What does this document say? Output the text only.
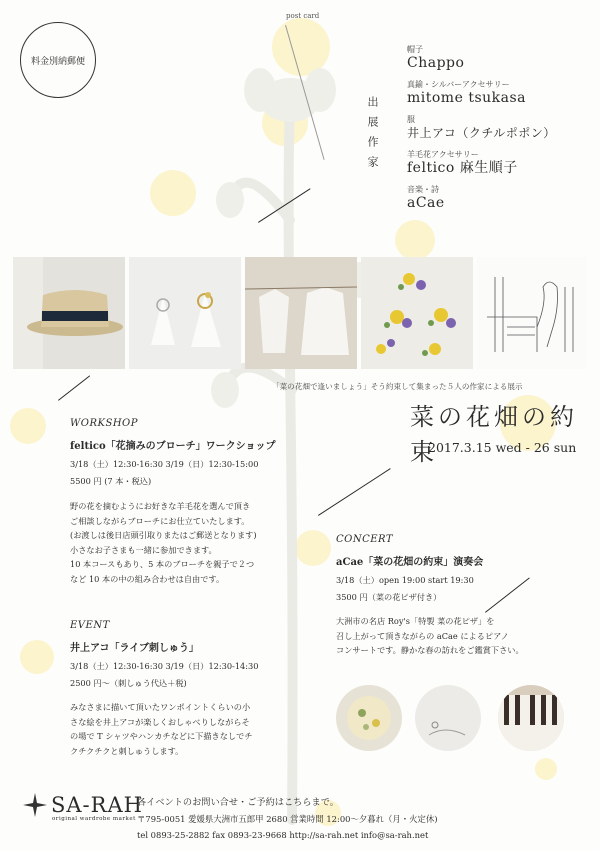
post card
料金別納郵便
出展作家
帽子
Chappo
真鍮・シルバーアクセサリー
mitome tsukasa
服
井上アコ（クチルポポン）
羊毛花アクセサリー
feltico 麻生順子
音楽・詩
aCae
「菜の花畑で逢いましょう」そう約束して集まった５人の作家による展示
菜の花畑の約束
2017.3.15 wed - 26 sun
WORKSHOP
feltico「花摘みのブローチ」ワークショップ
3/18（土）12:30-16:30 3/19（日）12:30-15:00
5500 円 (7 本・税込)
野の花を摘むようにお好きな羊毛花を選んで頂き
ご相談しながらブローチにお仕立ていたします。
(お渡しは後日店頭引取りまたはご郵送となります)
小さなお子さまも一緒に参加できます。
10 本コースもあり、5 本のブローチを親子で２つ
など 10 本の中の組み合わせは自由です。
EVENT
井上アコ「ライブ刺しゅう」
3/18（土）12:30-16:30 3/19（日）12:30-14:30
2500 円～（刺しゅう代込＋税)
みなさまに描いて頂いたワンポイントくらいの小
さな絵を井上アコが楽しくおしゃべりしながらそ
の場で T シャツやハンカチなどに下描きなしでチ
クチクチクと刺しゅうします。
CONCERT
aCae「菜の花畑の約束」演奏会
3/18（土）open 19:00 start 19:30
3500 円（菜の花ピザ付き）
大洲市の名店 Roy's「特製 菜の花ピザ」を
召し上がって頂きながらの aCae によるピアノ
コンサートです。静かな春の訪れをご鑑賞下さい。
SA-RAH
original wardrobe market
各イベントのお問い合せ・ご予約はこちらまで。
〒795-0051 愛媛県大洲市五郎甲 2680 営業時間 12:00～夕暮れ（月・火定休)
tel 0893-25-2882 fax 0893-23-9668 http://sa-rah.net info@sa-rah.net
